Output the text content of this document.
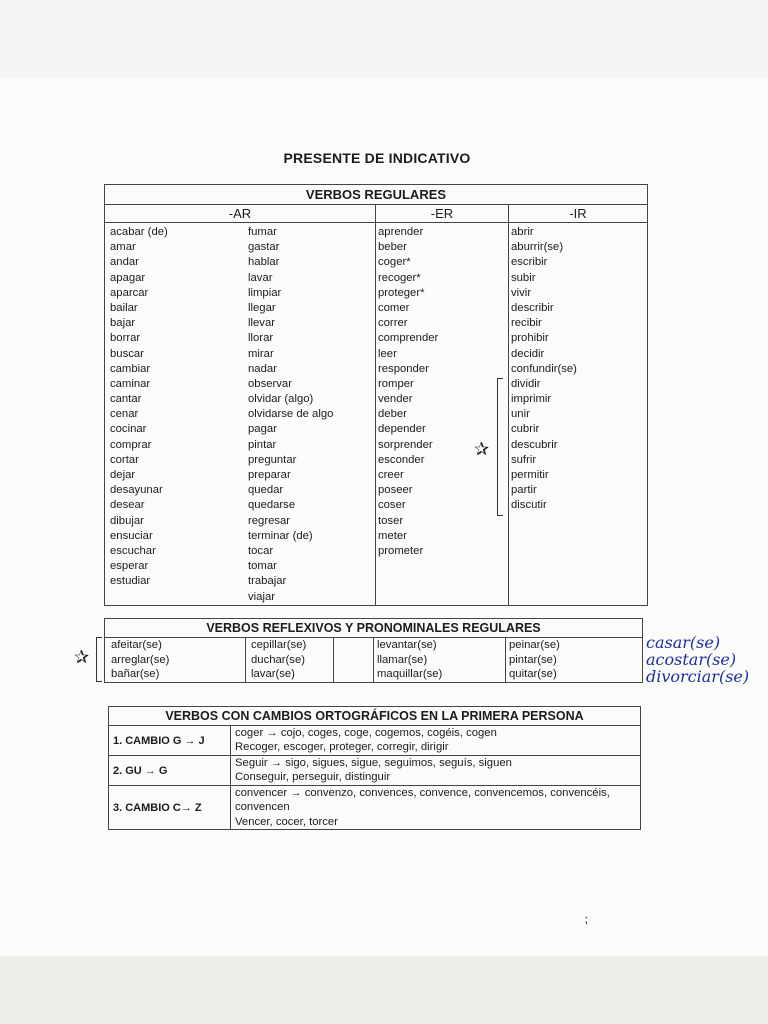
PRESENTE DE INDICATIVO
VERBOS REGULARES
-AR	-ER	-IR
acabar (de)
amar
andar
apagar
aparcar
bailar
bajar
borrar
buscar
cambiar
caminar
cantar
cenar
cocinar
comprar
cortar
dejar
desayunar
desear
dibujar
ensuciar
escuchar
esperar
estudiar
fumar
gastar
hablar
lavar
limpiar
llegar
llevar
llorar
mirar
nadar
observar
olvidar (algo)
olvidarse de algo
pagar
pintar
preguntar
preparar
quedar
quedarse
regresar
terminar (de)
tocar
tomar
trabajar
viajar
aprender
beber
coger*
recoger*
proteger*
comer
correr
comprender
leer
responder
romper
vender
deber
depender
sorprender
esconder
creer
poseer
coser
toser
meter
prometer
abrir
aburrir(se)
escribir
subir
vivir
describir
recibir
prohibir
decidir
confundir(se)
dividir
imprimir
unir
cubrir
descubrir
sufrir
permitir
partir
discutir
✰
✰
VERBOS REFLEXIVOS Y PRONOMINALES REGULARES
afeitar(se)
arreglar(se)
bañar(se)
cepillar(se)
duchar(se)
lavar(se)
levantar(se)
llamar(se)
maquillar(se)
peinar(se)
pintar(se)
quitar(se)
casar(se)
acostar(se)
divorciar(se)
VERBOS CON CAMBIOS ORTOGRÁFICOS EN LA PRIMERA PERSONA
1. CAMBIO G → J
coger → cojo, coges, coge, cogemos, cogéis, cogen
Recoger, escoger, proteger, corregir, dirigir
2. GU → G
Seguir → sigo, sigues, sigue, seguimos, seguís, siguen
Conseguir, perseguir, distinguir
3. CAMBIO C→ Z
convencer → convenzo, convences, convence, convencemos, convencéis,
convencen
Vencer, cocer, torcer
⁏
